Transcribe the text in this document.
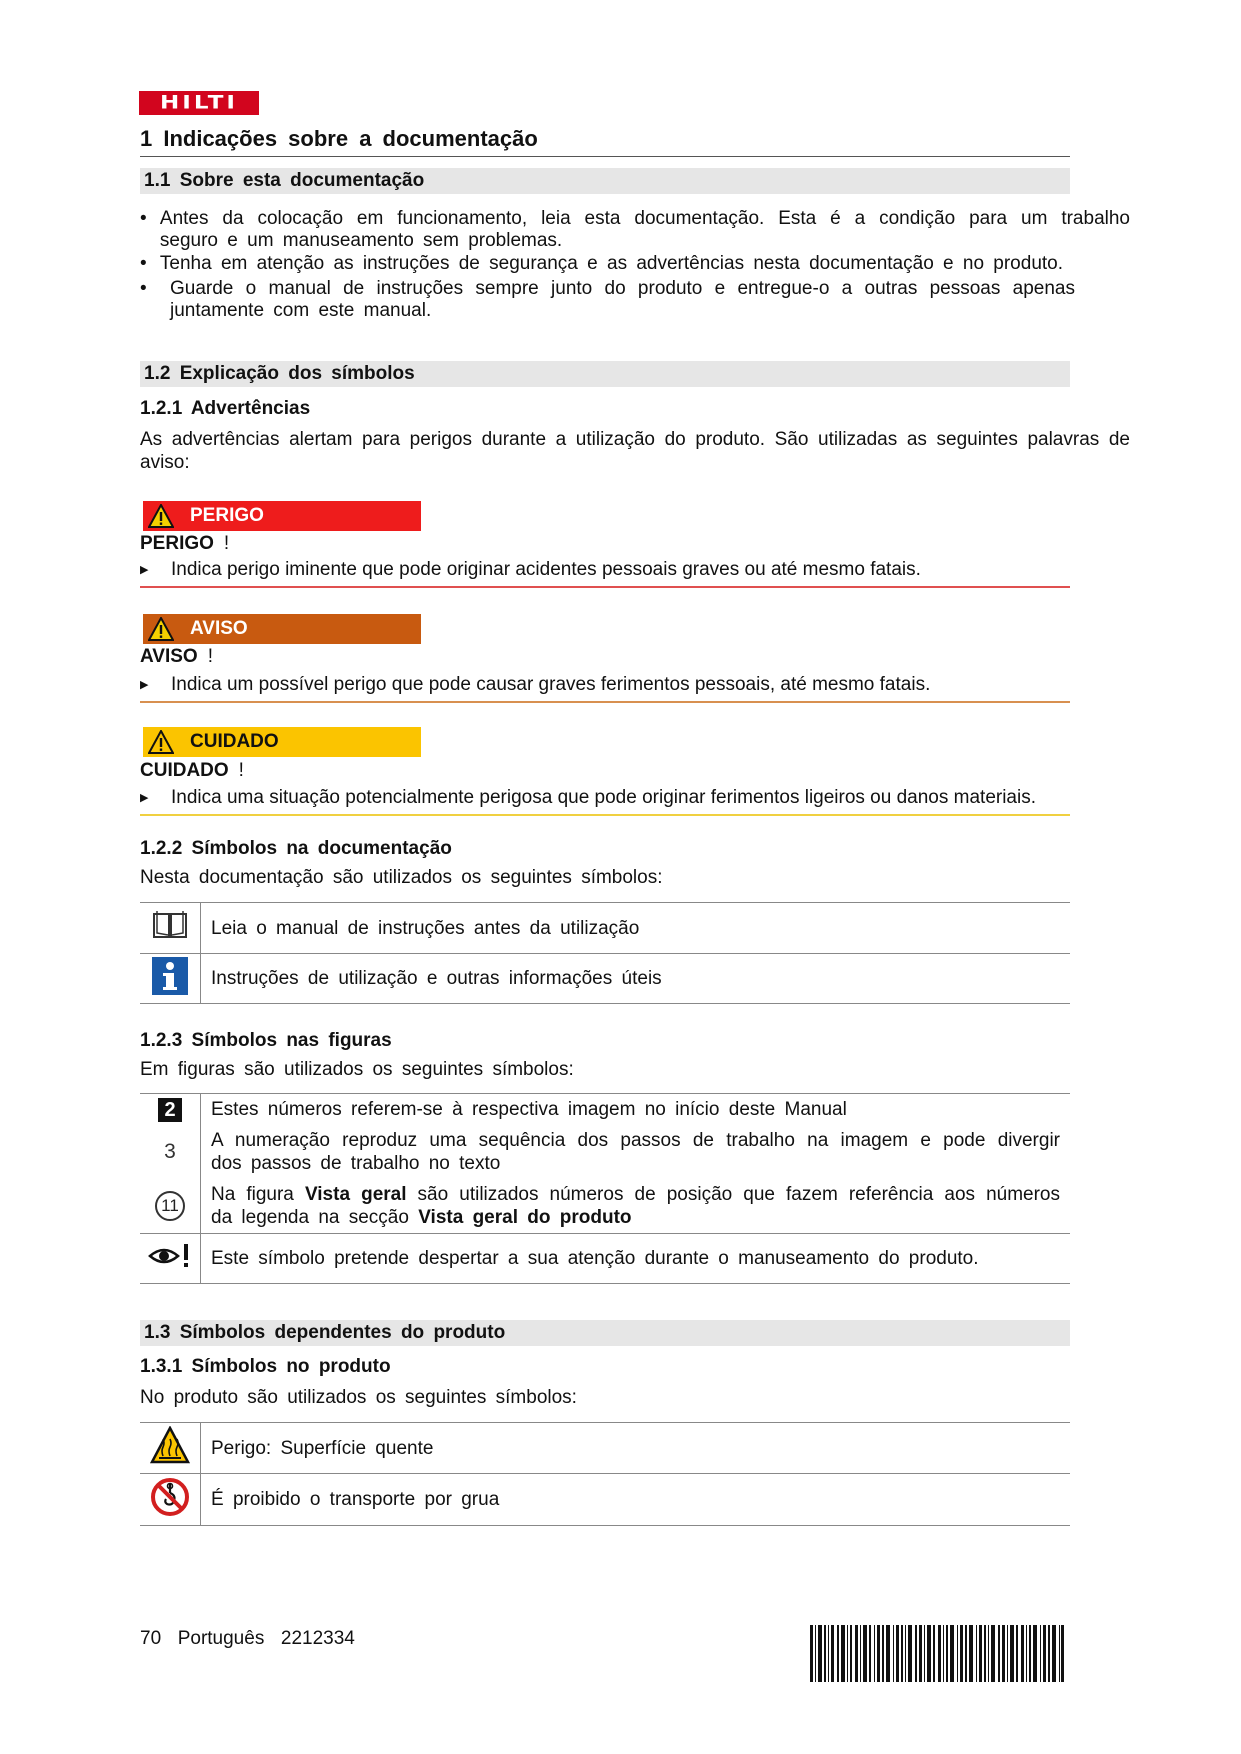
HILTI
1 Indicações sobre a documentação
1.1 Sobre esta documentação
• Antes da colocação em funcionamento, leia esta documentação. Esta é a condição para um trabalho seguro e um manuseamento sem problemas.
• Tenha em atenção as instruções de segurança e as advertências nesta documentação e no produto.
•	Guarde o manual de instruções sempre junto do produto e entregue-o a outras pessoas apenas juntamente com este manual.
1.2 Explicação dos símbolos
1.2.1 Advertências
As advertências alertam para perigos durante a utilização do produto. São utilizadas as seguintes palavras de aviso:
PERIGO
PERIGO !
▶ Indica perigo iminente que pode originar acidentes pessoais graves ou até mesmo fatais.
AVISO
AVISO !
▶ Indica um possível perigo que pode causar graves ferimentos pessoais, até mesmo fatais.
CUIDADO
CUIDADO !
▶ Indica uma situação potencialmente perigosa que pode originar ferimentos ligeiros ou danos materiais.
1.2.2 Símbolos na documentação
Nesta documentação são utilizados os seguintes símbolos:
	Leia o manual de instruções antes da utilização
	Instruções de utilização e outras informações úteis
1.2.3 Símbolos nas figuras
Em figuras são utilizados os seguintes símbolos:
2	Estes números referem-se à respectiva imagem no início deste Manual
3	A numeração reproduz uma sequência dos passos de trabalho na imagem e pode divergir dos passos de trabalho no texto
11	Na figura Vista geral são utilizados números de posição que fazem referência aos números da legenda na secção Vista geral do produto
	Este símbolo pretende despertar a sua atenção durante o manuseamento do produto.
1.3 Símbolos dependentes do produto
1.3.1 Símbolos no produto
No produto são utilizados os seguintes símbolos:
	Perigo: Superfície quente
	É proibido o transporte por grua
70 Português 2212334
